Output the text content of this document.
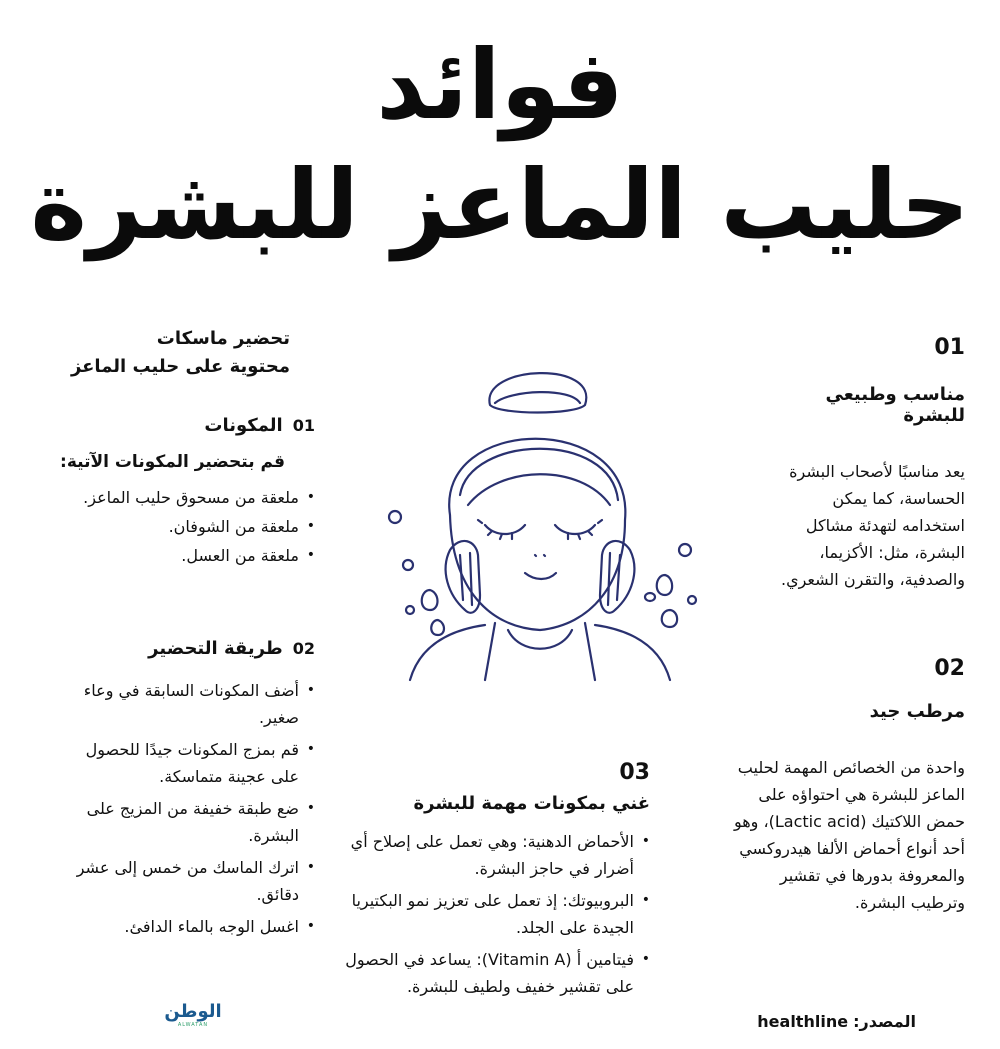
فوائد
حليب الماعز للبشرة
01
مناسب وطبيعي للبشرة
يعد مناسبًا لأصحاب البشرة الحساسة، كما يمكن استخدامه لتهدئة مشاكل البشرة، مثل: الأكزيما، والصدفية، والتقرن الشعري.
02
مرطب جيد
واحدة من الخصائص المهمة لحليب الماعز للبشرة هي احتواؤه على حمض اللاكتيك (Lactic acid)، وهو أحد أنواع أحماض الألفا هيدروكسي والمعروفة بدورها في تقشير وترطيب البشرة.
03
غني بمكونات مهمة للبشرة
• الأحماض الدهنية: وهي تعمل على إصلاح أي أضرار في حاجز البشرة.
• البروبيوتك: إذ تعمل على تعزيز نمو البكتيريا الجيدة على الجلد.
• فيتامين أ (Vitamin A): يساعد في الحصول على تقشير خفيف ولطيف للبشرة.
تحضير ماسكات
محتوية على حليب الماعز
01
المكونات
قم بتحضير المكونات الآتية:
• ملعقة من مسحوق حليب الماعز.
• ملعقة من الشوفان.
• ملعقة من العسل.
02
طريقة التحضير
• أضف المكونات السابقة في وعاء صغير.
• قم بمزج المكونات جيدًا للحصول على عجينة متماسكة.
• ضع طبقة خفيفة من المزيج على البشرة.
• اترك الماسك من خمس إلى عشر دقائق.
• اغسل الوجه بالماء الدافئ.
الوطن
ALWATAN	المصدر: healthline
